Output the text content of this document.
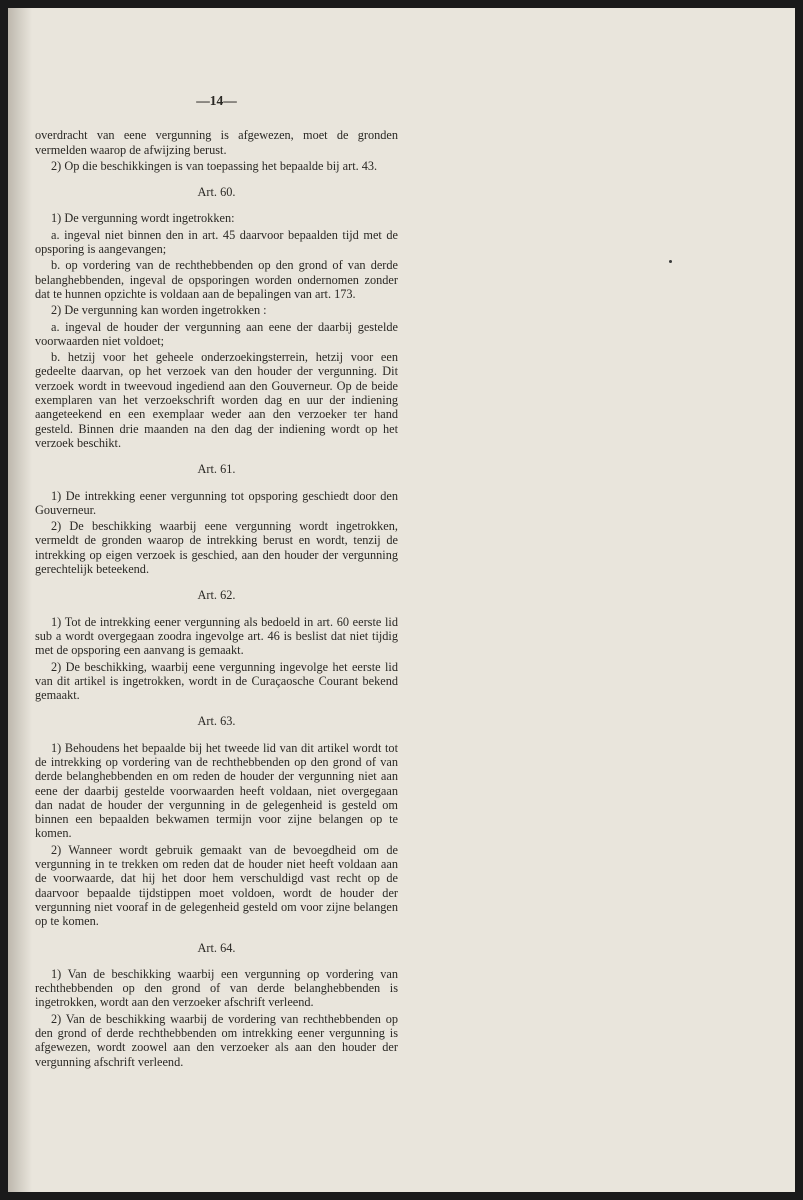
—14—

overdracht van eene vergunning is afgewezen, moet de gronden vermelden waarop de afwijzing berust.

2) Op die beschikkingen is van toepassing het bepaalde bij art. 43.

Art. 60.

1) De vergunning wordt ingetrokken:

a. ingeval niet binnen den in art. 45 daarvoor bepaalden tijd met de opsporing is aangevangen;

b. op vordering van de rechthebbenden op den grond of van derde belanghebbenden, ingeval de opsporingen worden ondernomen zonder dat te hunnen opzichte is voldaan aan de bepalingen van art. 173.

2) De vergunning kan worden ingetrokken :

a. ingeval de houder der vergunning aan eene der daarbij gestelde voorwaarden niet voldoet;

b. hetzij voor het geheele onderzoekingsterrein, hetzij voor een gedeelte daarvan, op het verzoek van den houder der vergunning. Dit verzoek wordt in tweevoud ingediend aan den Gouverneur. Op de beide exemplaren van het verzoekschrift worden dag en uur der indiening aangeteekend en een exemplaar weder aan den verzoeker ter hand gesteld. Binnen drie maanden na den dag der indiening wordt op het verzoek beschikt.

Art. 61.

1) De intrekking eener vergunning tot opsporing geschiedt door den Gouverneur.

2) De beschikking waarbij eene vergunning wordt ingetrokken, vermeldt de gronden waarop de intrekking berust en wordt, tenzij de intrekking op eigen verzoek is geschied, aan den houder der vergunning gerechtelijk beteekend.

Art. 62.

1) Tot de intrekking eener vergunning als bedoeld in art. 60 eerste lid sub a wordt overgegaan zoodra ingevolge art. 46 is beslist dat niet tijdig met de opsporing een aanvang is gemaakt.

2) De beschikking, waarbij eene vergunning ingevolge het eerste lid van dit artikel is ingetrokken, wordt in de Curaçaosche Courant bekend gemaakt.

Art. 63.

1) Behoudens het bepaalde bij het tweede lid van dit artikel wordt tot de intrekking op vordering van de rechthebbenden op den grond of van derde belanghebbenden en om reden de houder der vergunning niet aan eene der daarbij gestelde voorwaarden heeft voldaan, niet overgegaan dan nadat de houder der vergunning in de gelegenheid is gesteld om binnen een bepaalden bekwamen termijn voor zijne belangen op te komen.

2) Wanneer wordt gebruik gemaakt van de bevoegdheid om de vergunning in te trekken om reden dat de houder niet heeft voldaan aan de voorwaarde, dat hij het door hem verschuldigd vast recht op de daarvoor bepaalde tijdstippen moet voldoen, wordt de houder der vergunning niet vooraf in de gelegenheid gesteld om voor zijne belangen op te komen.

Art. 64.

1) Van de beschikking waarbij een vergunning op vordering van rechthebbenden op den grond of van derde belanghebbenden is ingetrokken, wordt aan den verzoeker afschrift verleend.

2) Van de beschikking waarbij de vordering van rechthebbenden op den grond of derde rechthebbenden om intrekking eener vergunning is afgewezen, wordt zoowel aan den verzoeker als aan den houder der vergunning afschrift verleend.
